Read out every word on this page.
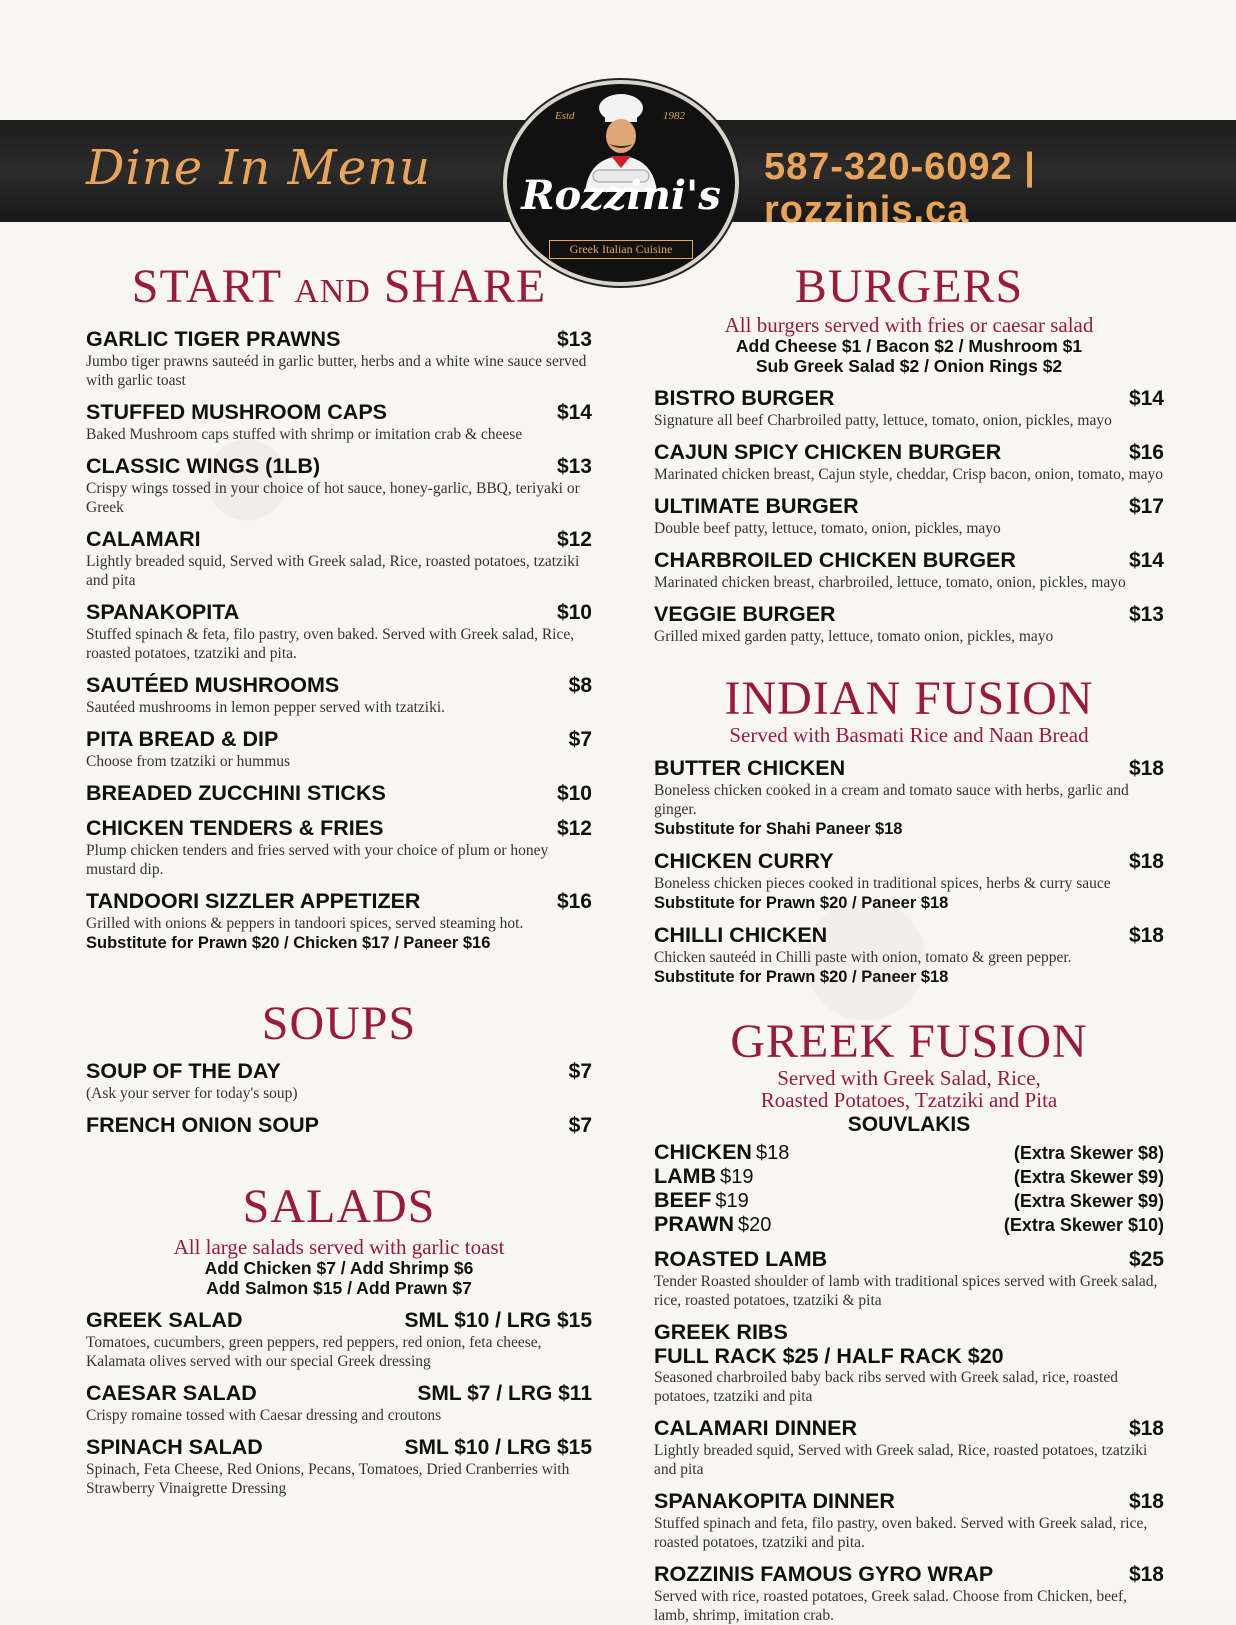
Dine In Menu	587-320-6092 | rozzinis.ca
Estd	1982
Rozzini's
Greek Italian Cuisine
START AND SHARE
GARLIC TIGER PRAWNS	$13
Jumbo tiger prawns sauteéd in garlic butter, herbs and a white wine sauce served with garlic toast
STUFFED MUSHROOM CAPS	$14
Baked Mushroom caps stuffed with shrimp or imitation crab & cheese
CLASSIC WINGS (1LB)	$13
Crispy wings tossed in your choice of hot sauce, honey-garlic, BBQ, teriyaki or Greek
CALAMARI	$12
Lightly breaded squid, Served with Greek salad, Rice, roasted potatoes, tzatziki and pita
SPANAKOPITA	$10
Stuffed spinach & feta, filo pastry, oven baked. Served with Greek salad, Rice, roasted potatoes, tzatziki and pita.
SAUTÉED MUSHROOMS	$8
Sautéed mushrooms in lemon pepper served with tzatziki.
PITA BREAD & DIP	$7
Choose from tzatziki or hummus
BREADED ZUCCHINI STICKS	$10
CHICKEN TENDERS & FRIES	$12
Plump chicken tenders and fries served with your choice of plum or honey mustard dip.
TANDOORI SIZZLER APPETIZER	$16
Grilled with onions & peppers in tandoori spices, served steaming hot.
Substitute for Prawn $20 / Chicken $17 / Paneer $16
SOUPS
SOUP OF THE DAY	$7
(Ask your server for today's soup)
FRENCH ONION SOUP	$7
SALADS
All large salads served with garlic toast
Add Chicken $7 / Add Shrimp $6
Add Salmon $15 / Add Prawn $7
GREEK SALAD	SML $10 / LRG $15
Tomatoes, cucumbers, green peppers, red peppers, red onion, feta cheese, Kalamata olives served with our special Greek dressing
CAESAR SALAD	SML $7 / LRG $11
Crispy romaine tossed with Caesar dressing and croutons
SPINACH SALAD	SML $10 / LRG $15
Spinach, Feta Cheese, Red Onions, Pecans, Tomatoes, Dried Cranberries with Strawberry Vinaigrette Dressing
BURGERS
All burgers served with fries or caesar salad
Add Cheese $1 / Bacon $2 / Mushroom $1
Sub Greek Salad $2 / Onion Rings $2
BISTRO BURGER	$14
Signature all beef Charbroiled patty, lettuce, tomato, onion, pickles, mayo
CAJUN SPICY CHICKEN BURGER	$16
Marinated chicken breast, Cajun style, cheddar, Crisp bacon, onion, tomato, mayo
ULTIMATE BURGER	$17
Double beef patty, lettuce, tomato, onion, pickles, mayo
CHARBROILED CHICKEN BURGER	$14
Marinated chicken breast, charbroiled, lettuce, tomato, onion, pickles, mayo
VEGGIE BURGER	$13
Grilled mixed garden patty, lettuce, tomato onion, pickles, mayo
INDIAN FUSION
Served with Basmati Rice and Naan Bread
BUTTER CHICKEN	$18
Boneless chicken cooked in a cream and tomato sauce with herbs, garlic and ginger.
Substitute for Shahi Paneer $18
CHICKEN CURRY	$18
Boneless chicken pieces cooked in traditional spices, herbs & curry sauce
Substitute for Prawn $20 / Paneer $18
CHILLI CHICKEN	$18
Chicken sauteéd in Chilli paste with onion, tomato & green pepper.
Substitute for Prawn $20 / Paneer $18
GREEK FUSION
Served with Greek Salad, Rice,
Roasted Potatoes, Tzatziki and Pita
SOUVLAKIS
CHICKEN $18	(Extra Skewer $8)
LAMB $19	(Extra Skewer $9)
BEEF $19	(Extra Skewer $9)
PRAWN $20	(Extra Skewer $10)
ROASTED LAMB	$25
Tender Roasted shoulder of lamb with traditional spices served with Greek salad, rice, roasted potatoes, tzatziki & pita
GREEK RIBS
FULL RACK $25 / HALF RACK $20
Seasoned charbroiled baby back ribs served with Greek salad, rice, roasted potatoes, tzatziki and pita
CALAMARI DINNER	$18
Lightly breaded squid, Served with Greek salad, Rice, roasted potatoes, tzatziki and pita
SPANAKOPITA DINNER	$18
Stuffed spinach and feta, filo pastry, oven baked. Served with Greek salad, rice, roasted potatoes, tzatziki and pita.
ROZZINIS FAMOUS GYRO WRAP	$18
Served with rice, roasted potatoes, Greek salad. Choose from Chicken, beef, lamb, shrimp, imitation crab.
